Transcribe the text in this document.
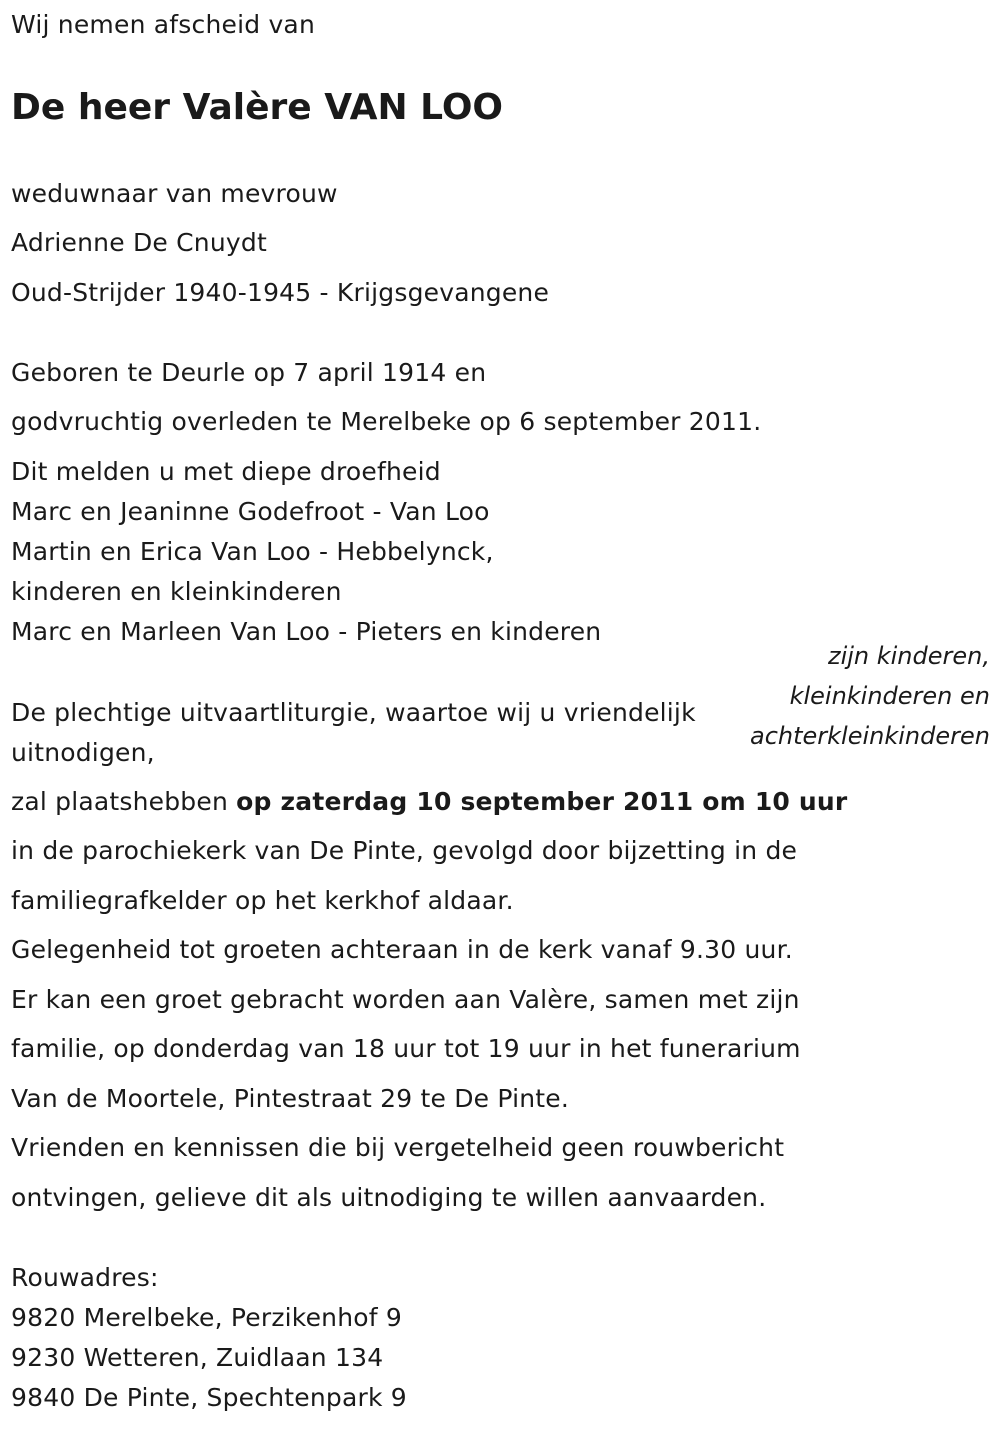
Wij nemen afscheid van

De heer Valère VAN LOO

weduwnaar van mevrouw

Adrienne De Cnuydt

Oud-Strijder 1940-1945 - Krijgsgevangene

Geboren te Deurle op 7 april 1914 en

godvruchtig overleden te Merelbeke op 6 september 2011.

Dit melden u met diepe droefheid

Marc en Jeaninne Godefroot - Van Loo

Martin en Erica Van Loo - Hebbelynck,

kinderen en kleinkinderen

Marc en Marleen Van Loo - Pieters en kinderen

zijn kinderen,
kleinkinderen en
achterkleinkinderen

De plechtige uitvaartliturgie, waartoe wij u vriendelijk

uitnodigen,

zal plaatshebben op zaterdag 10 september 2011 om 10 uur

in de parochiekerk van De Pinte, gevolgd door bijzetting in de

familiegrafkelder op het kerkhof aldaar.

Gelegenheid tot groeten achteraan in de kerk vanaf 9.30 uur.

Er kan een groet gebracht worden aan Valère, samen met zijn

familie, op donderdag van 18 uur tot 19 uur in het funerarium

Van de Moortele, Pintestraat 29 te De Pinte.

Vrienden en kennissen die bij vergetelheid geen rouwbericht

ontvingen, gelieve dit als uitnodiging te willen aanvaarden.

Rouwadres:

9820 Merelbeke, Perzikenhof 9

9230 Wetteren, Zuidlaan 134

9840 De Pinte, Spechtenpark 9
